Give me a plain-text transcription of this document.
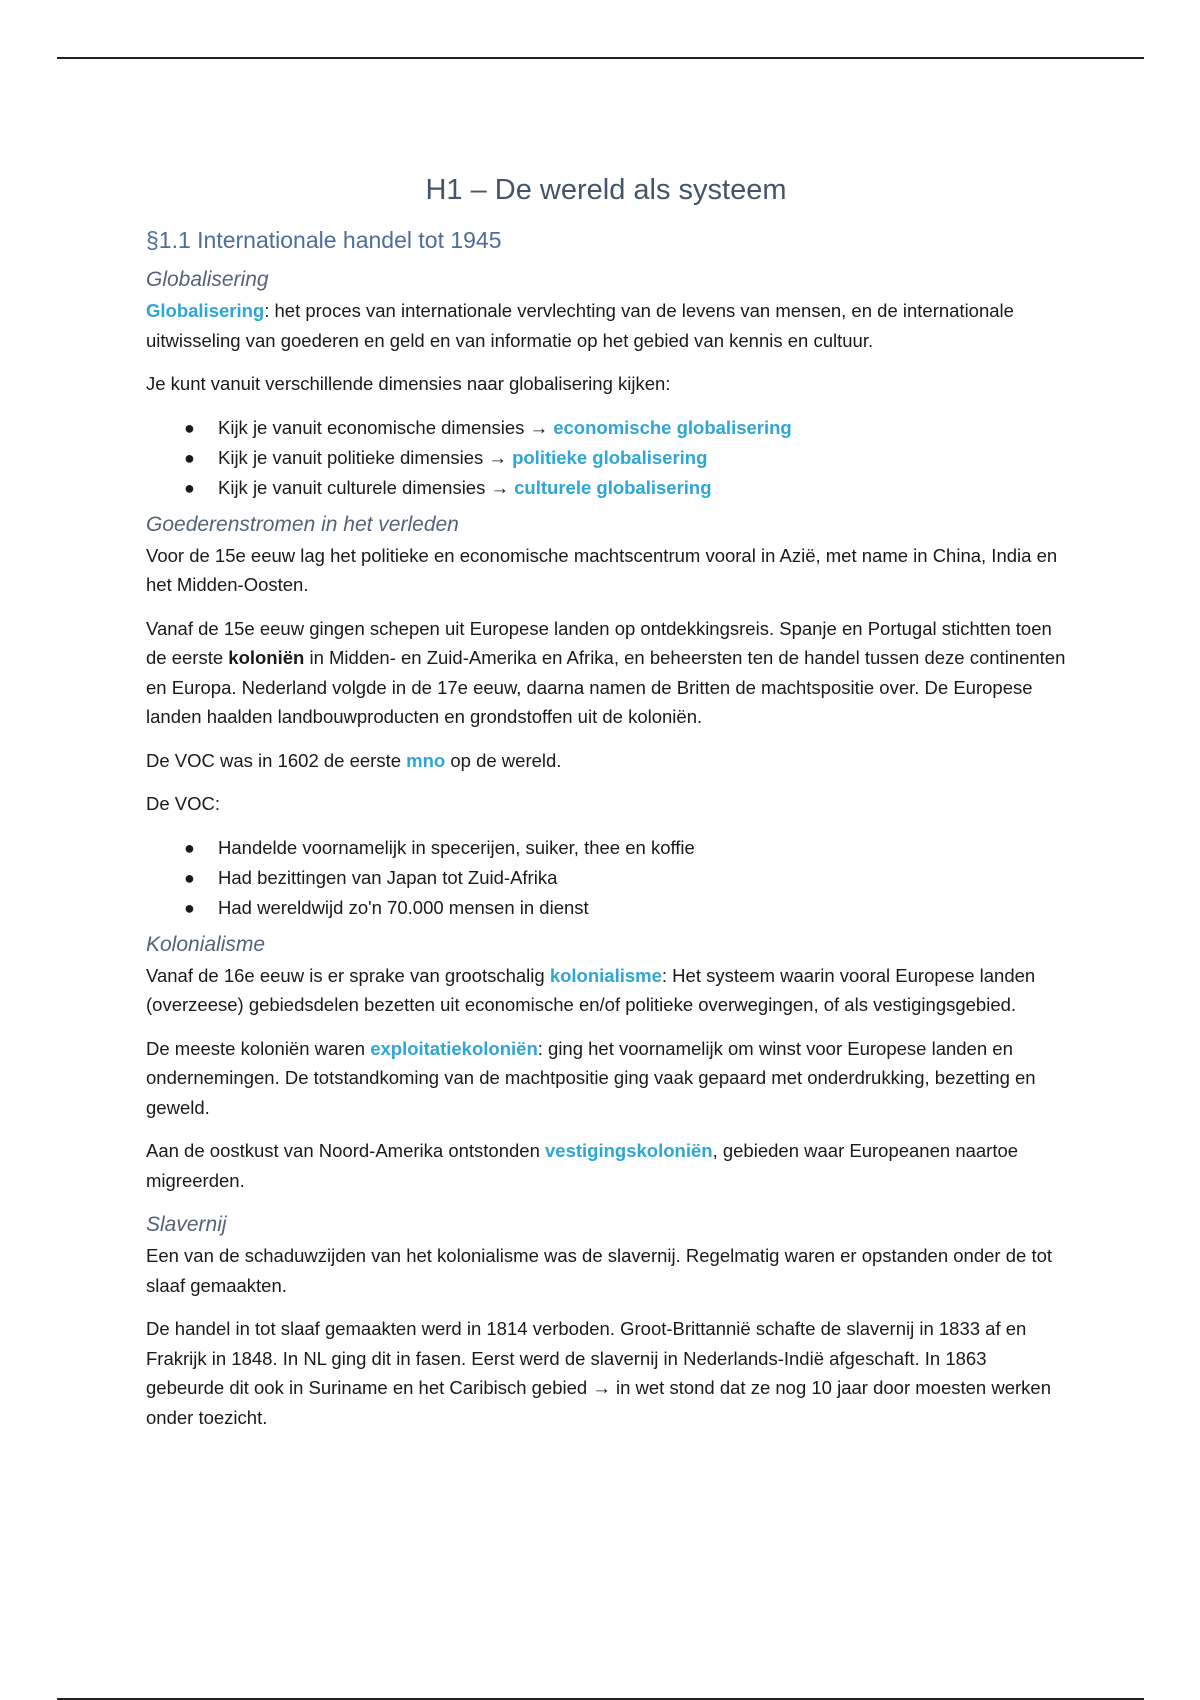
H1 – De wereld als systeem
§1.1 Internationale handel tot 1945
Globalisering

Globalisering: het proces van internationale vervlechting van de levens van mensen, en de internationale uitwisseling van goederen en geld en van informatie op het gebied van kennis en cultuur.

Je kunt vanuit verschillende dimensies naar globalisering kijken:

● Kijk je vanuit economische dimensies → economische globalisering
● Kijk je vanuit politieke dimensies → politieke globalisering
● Kijk je vanuit culturele dimensies → culturele globalisering
Goederenstromen in het verleden

Voor de 15e eeuw lag het politieke en economische machtscentrum vooral in Azië, met name in China, India en het Midden-Oosten.

Vanaf de 15e eeuw gingen schepen uit Europese landen op ontdekkingsreis. Spanje en Portugal stichtten toen de eerste koloniën in Midden- en Zuid-Amerika en Afrika, en beheersten ten de handel tussen deze continenten en Europa. Nederland volgde in de 17e eeuw, daarna namen de Britten de machtspositie over. De Europese landen haalden landbouwproducten en grondstoffen uit de koloniën.

De VOC was in 1602 de eerste mno op de wereld.

De VOC:

● Handelde voornamelijk in specerijen, suiker, thee en koffie
● Had bezittingen van Japan tot Zuid-Afrika
● Had wereldwijd zo'n 70.000 mensen in dienst
Kolonialisme

Vanaf de 16e eeuw is er sprake van grootschalig kolonialisme: Het systeem waarin vooral Europese landen (overzeese) gebiedsdelen bezetten uit economische en/of politieke overwegingen, of als vestigingsgebied.

De meeste koloniën waren exploitatiekoloniën: ging het voornamelijk om winst voor Europese landen en ondernemingen. De totstandkoming van de machtpositie ging vaak gepaard met onderdrukking, bezetting en geweld.

Aan de oostkust van Noord-Amerika ontstonden vestigingskoloniën, gebieden waar Europeanen naartoe migreerden.

Slavernij

Een van de schaduwzijden van het kolonialisme was de slavernij. Regelmatig waren er opstanden onder de tot slaaf gemaakten.

De handel in tot slaaf gemaakten werd in 1814 verboden. Groot-Brittannië schafte de slavernij in 1833 af en Frakrijk in 1848. In NL ging dit in fasen. Eerst werd de slavernij in Nederlands-Indië afgeschaft. In 1863 gebeurde dit ook in Suriname en het Caribisch gebied → in wet stond dat ze nog 10 jaar door moesten werken onder toezicht.
